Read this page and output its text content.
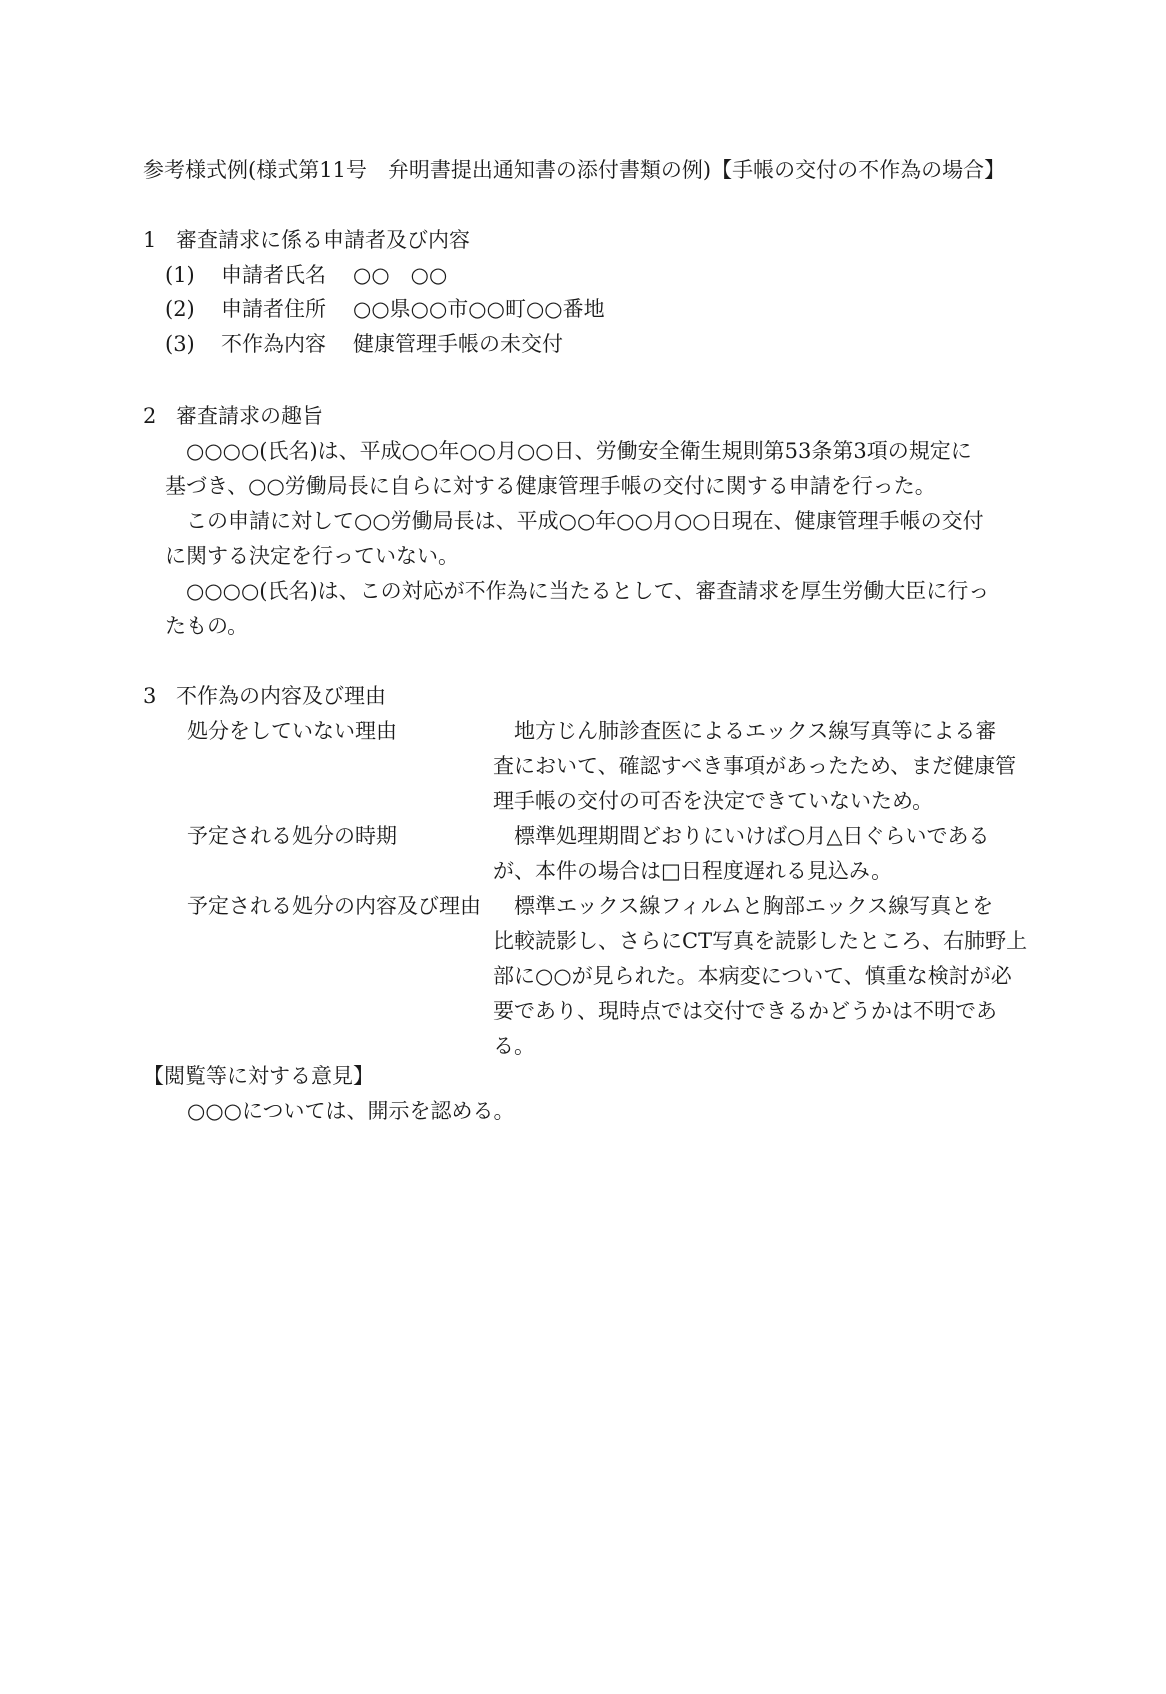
参考様式例(様式第11号　弁明書提出通知書の添付書類の例)【手帳の交付の不作為の場合】
1 審査請求に係る申請者及び内容
(1) 申請者氏名 ○○　○○
(2) 申請者住所 ○○県○○市○○町○○番地
(3) 不作為内容 健康管理手帳の未交付
2 審査請求の趣旨
　○○○○(氏名)は、平成○○年○○月○○日、労働安全衛生規則第53条第3項の規定に
基づき、○○労働局長に自らに対する健康管理手帳の交付に関する申請を行った。
　この申請に対して○○労働局長は、平成○○年○○月○○日現在、健康管理手帳の交付
に関する決定を行っていない。
　○○○○(氏名)は、この対応が不作為に当たるとして、審査請求を厚生労働大臣に行っ
たもの。
3 不作為の内容及び理由
処分をしていない理由	　地方じん肺診査医によるエックス線写真等による審
査において、確認すべき事項があったため、まだ健康管
理手帳の交付の可否を決定できていないため。
予定される処分の時期	　標準処理期間どおりにいけば○月△日ぐらいである
が、本件の場合は□日程度遅れる見込み。
予定される処分の内容及び理由 　標準エックス線フィルムと胸部エックス線写真とを
比較読影し、さらにCT写真を読影したところ、右肺野上
部に○○が見られた。本病変について、慎重な検討が必
要であり、現時点では交付できるかどうかは不明であ
る。
【閲覧等に対する意見】
○○○については、開示を認める。
